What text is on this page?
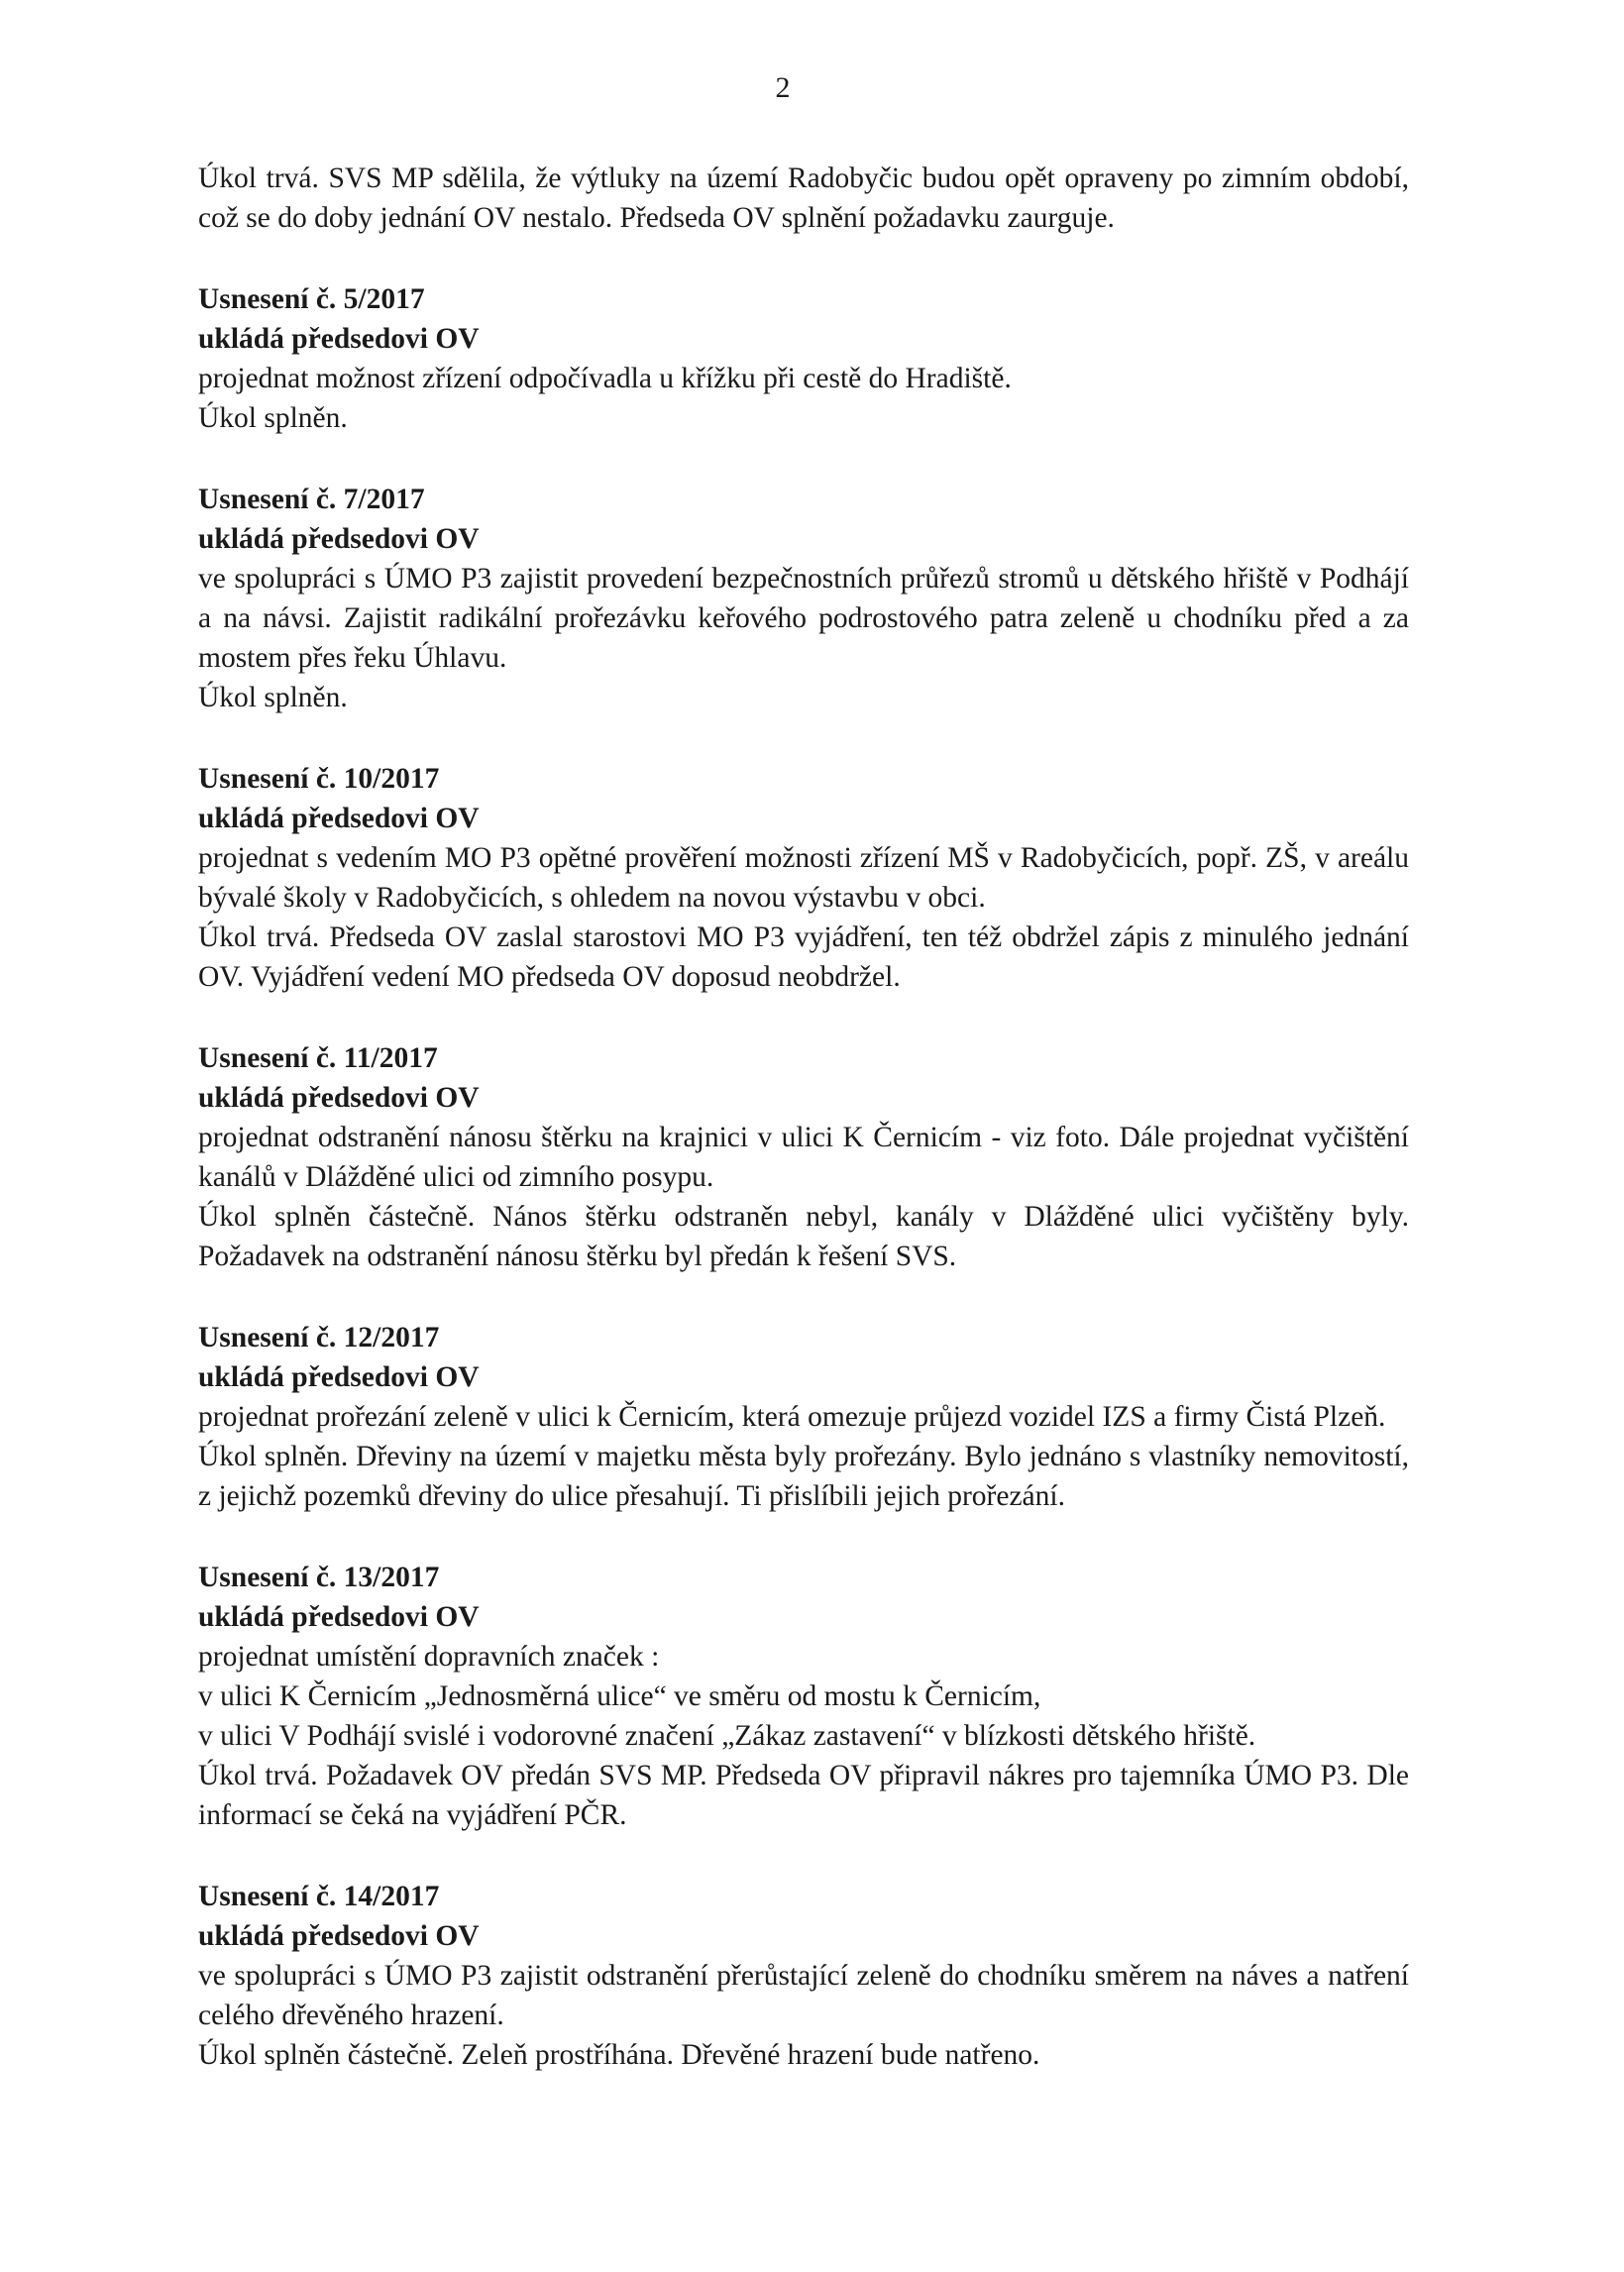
2

Úkol trvá. SVS MP sdělila, že výtluky na území Radobyčic budou opět opraveny po zimním období, což se do doby jednání OV nestalo. Předseda OV splnění požadavku zaurguje.

Usnesení č. 5/2017

ukládá předsedovi OV

projednat možnost zřízení odpočívadla u křížku při cestě do Hradiště.

Úkol splněn.

Usnesení č. 7/2017

ukládá předsedovi OV

ve spolupráci s ÚMO P3 zajistit provedení bezpečnostních průřezů stromů u dětského hřiště v Podhájí a na návsi. Zajistit radikální prořezávku keřového podrostového patra zeleně u chodníku před a za mostem přes řeku Úhlavu.

Úkol splněn.

Usnesení č. 10/2017

ukládá předsedovi OV

projednat s vedením MO P3 opětné prověření možnosti zřízení MŠ v Radobyčicích, popř. ZŠ, v areálu bývalé školy v Radobyčicích, s ohledem na novou výstavbu v obci.

Úkol trvá. Předseda OV zaslal starostovi MO P3 vyjádření, ten též obdržel zápis z minulého jednání OV. Vyjádření vedení MO předseda OV doposud neobdržel.

Usnesení č. 11/2017

ukládá předsedovi OV

projednat odstranění nánosu štěrku na krajnici v ulici K Černicím - viz foto. Dále projednat vyčištění kanálů v Dlážděné ulici od zimního posypu.

Úkol splněn částečně. Nános štěrku odstraněn nebyl, kanály v Dlážděné ulici vyčištěny byly. Požadavek na odstranění nánosu štěrku byl předán k řešení SVS.

Usnesení č. 12/2017

ukládá předsedovi OV

projednat prořezání zeleně v ulici k Černicím, která omezuje průjezd vozidel IZS a firmy Čistá Plzeň.

Úkol splněn. Dřeviny na území v majetku města byly prořezány. Bylo jednáno s vlastníky nemovitostí, z jejichž pozemků dřeviny do ulice přesahují. Ti přislíbili jejich prořezání.

Usnesení č. 13/2017

ukládá předsedovi OV

projednat umístění dopravních značek :

v ulici K Černicím „Jednosměrná ulice“ ve směru od mostu k Černicím,

v ulici V Podhájí svislé i vodorovné značení „Zákaz zastavení“ v blízkosti dětského hřiště.

Úkol trvá. Požadavek OV předán SVS MP. Předseda OV připravil nákres pro tajemníka ÚMO P3. Dle informací se čeká na vyjádření PČR.

Usnesení č. 14/2017

ukládá předsedovi OV

ve spolupráci s ÚMO P3 zajistit odstranění přerůstající zeleně do chodníku směrem na náves a natření celého dřevěného hrazení.

Úkol splněn částečně. Zeleň prostříhána. Dřevěné hrazení bude natřeno.
